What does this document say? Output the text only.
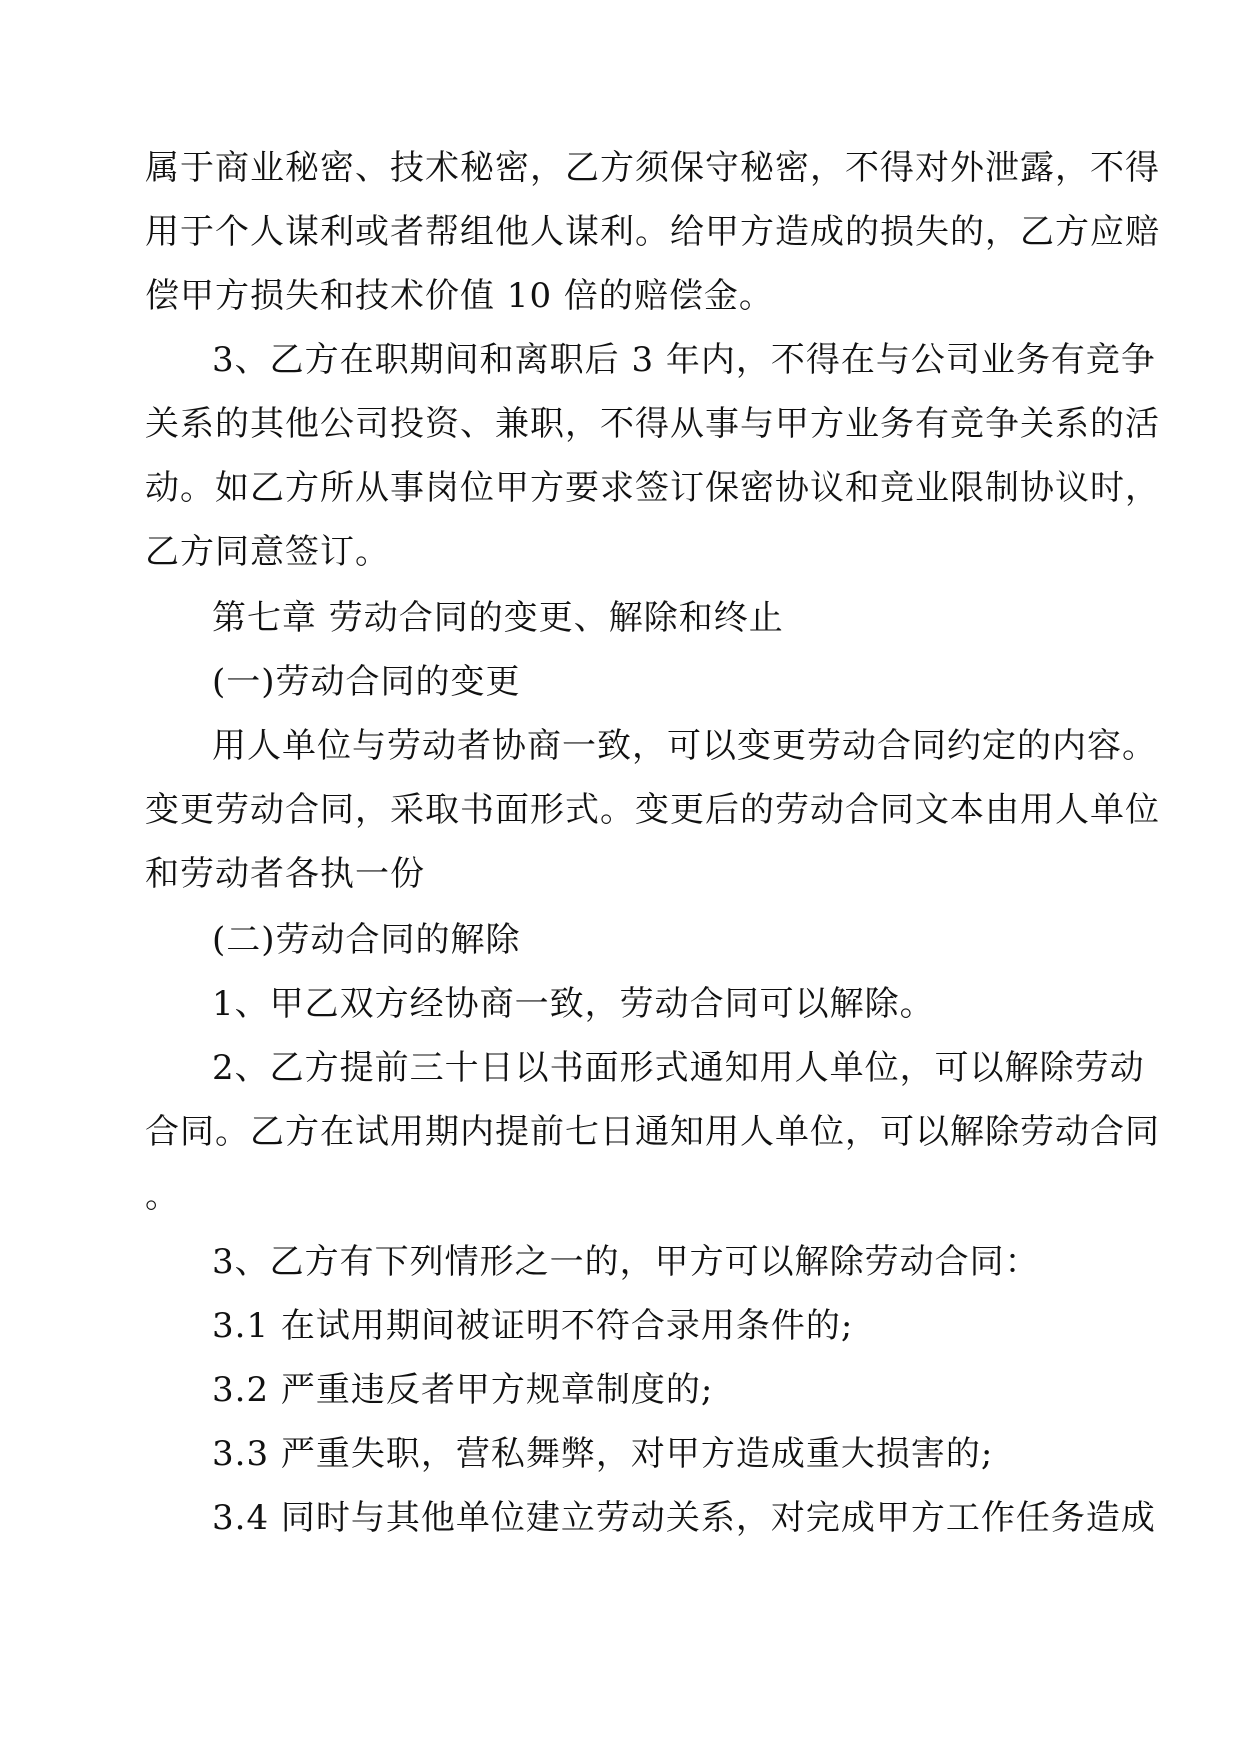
属于商业秘密、技术秘密，乙方须保守秘密，不得对外泄露，不得
用于个人谋利或者帮组他人谋利。给甲方造成的损失的，乙方应赔
偿甲方损失和技术价值 10 倍的赔偿金。
3、乙方在职期间和离职后 3 年内，不得在与公司业务有竞争
关系的其他公司投资、兼职，不得从事与甲方业务有竞争关系的活
动。如乙方所从事岗位甲方要求签订保密协议和竞业限制协议时，
乙方同意签订。
第七章 劳动合同的变更、解除和终止
(一)劳动合同的变更
用人单位与劳动者协商一致，可以变更劳动合同约定的内容。
变更劳动合同，采取书面形式。变更后的劳动合同文本由用人单位
和劳动者各执一份
(二)劳动合同的解除
1、甲乙双方经协商一致，劳动合同可以解除。
2、乙方提前三十日以书面形式通知用人单位，可以解除劳动
合同。乙方在试用期内提前七日通知用人单位，可以解除劳动合同
。
3、乙方有下列情形之一的，甲方可以解除劳动合同：
3.1 在试用期间被证明不符合录用条件的;
3.2 严重违反者甲方规章制度的;
3.3 严重失职，营私舞弊，对甲方造成重大损害的;
3.4 同时与其他单位建立劳动关系，对完成甲方工作任务造成
